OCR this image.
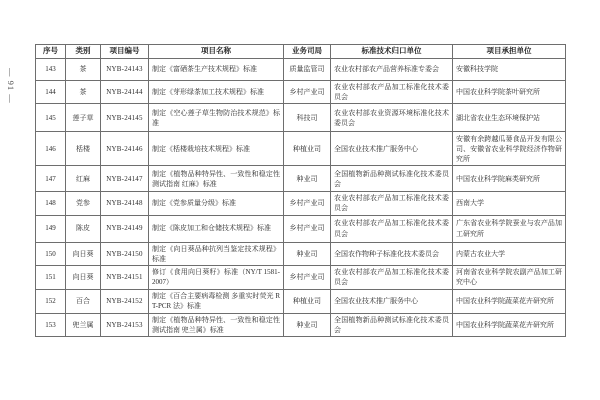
— 91 —
序号	类别	项目编号	项目名称	业务司局	标准技术归口单位	项目承担单位
143	茶	NYB-24143	制定《富硒茶生产技术规程》标准	质量监管司	农业农村部农产品营养标准专委会	安徽科技学院
144	茶	NYB-24144	制定《芽形绿茶加工技术规程》标准	乡村产业司	农业农村部农产品加工标准化技术委员会	中国农业科学院茶叶研究所
145	莲子草	NYB-24145	制定《空心莲子草生物防治技术规范》标准	科技司	农业农村部农业资源环境标准化技术委员会	湖北省农业生态环境保护站
146	栝楼	NYB-24146	制定《栝楼栽培技术规程》标准	种植业司	全国农业技术推广服务中心	安徽有余跨越瓜蒌食品开发有限公司、安徽省农业科学院经济作物研究所
147	红麻	NYB-24147	制定《植物品种特异性、一致性和稳定性测试指南 红麻》标准	种业司	全国植物新品种测试标准化技术委员会	中国农业科学院麻类研究所
148	党参	NYB-24148	制定《党参质量分级》标准	乡村产业司	农业农村部农产品加工标准化技术委员会	西南大学
149	陈皮	NYB-24149	制定《陈皮加工和仓储技术规程》标准	乡村产业司	农业农村部农产品加工标准化技术委员会	广东省农业科学院蚕业与农产品加工研究所
150	向日葵	NYB-24150	制定《向日葵品种抗列当鉴定技术规程》标准	种业司	全国农作物种子标准化技术委员会	内蒙古农业大学
151	向日葵	NYB-24151	修订《食用向日葵籽》标准（NY/T 1581-2007）	乡村产业司	农业农村部农产品加工标准化技术委员会	河南省农业科学院农副产品加工研究中心
152	百合	NYB-24152	制定《百合主要病毒检测 多重实时荧光 RT-PCR 法》标准	种植业司	全国农业技术推广服务中心	中国农业科学院蔬菜花卉研究所
153	兜兰属	NYB-24153	制定《植物品种特异性、一致性和稳定性测试指南 兜兰属》标准	种业司	全国植物新品种测试标准化技术委员会	中国农业科学院蔬菜花卉研究所
